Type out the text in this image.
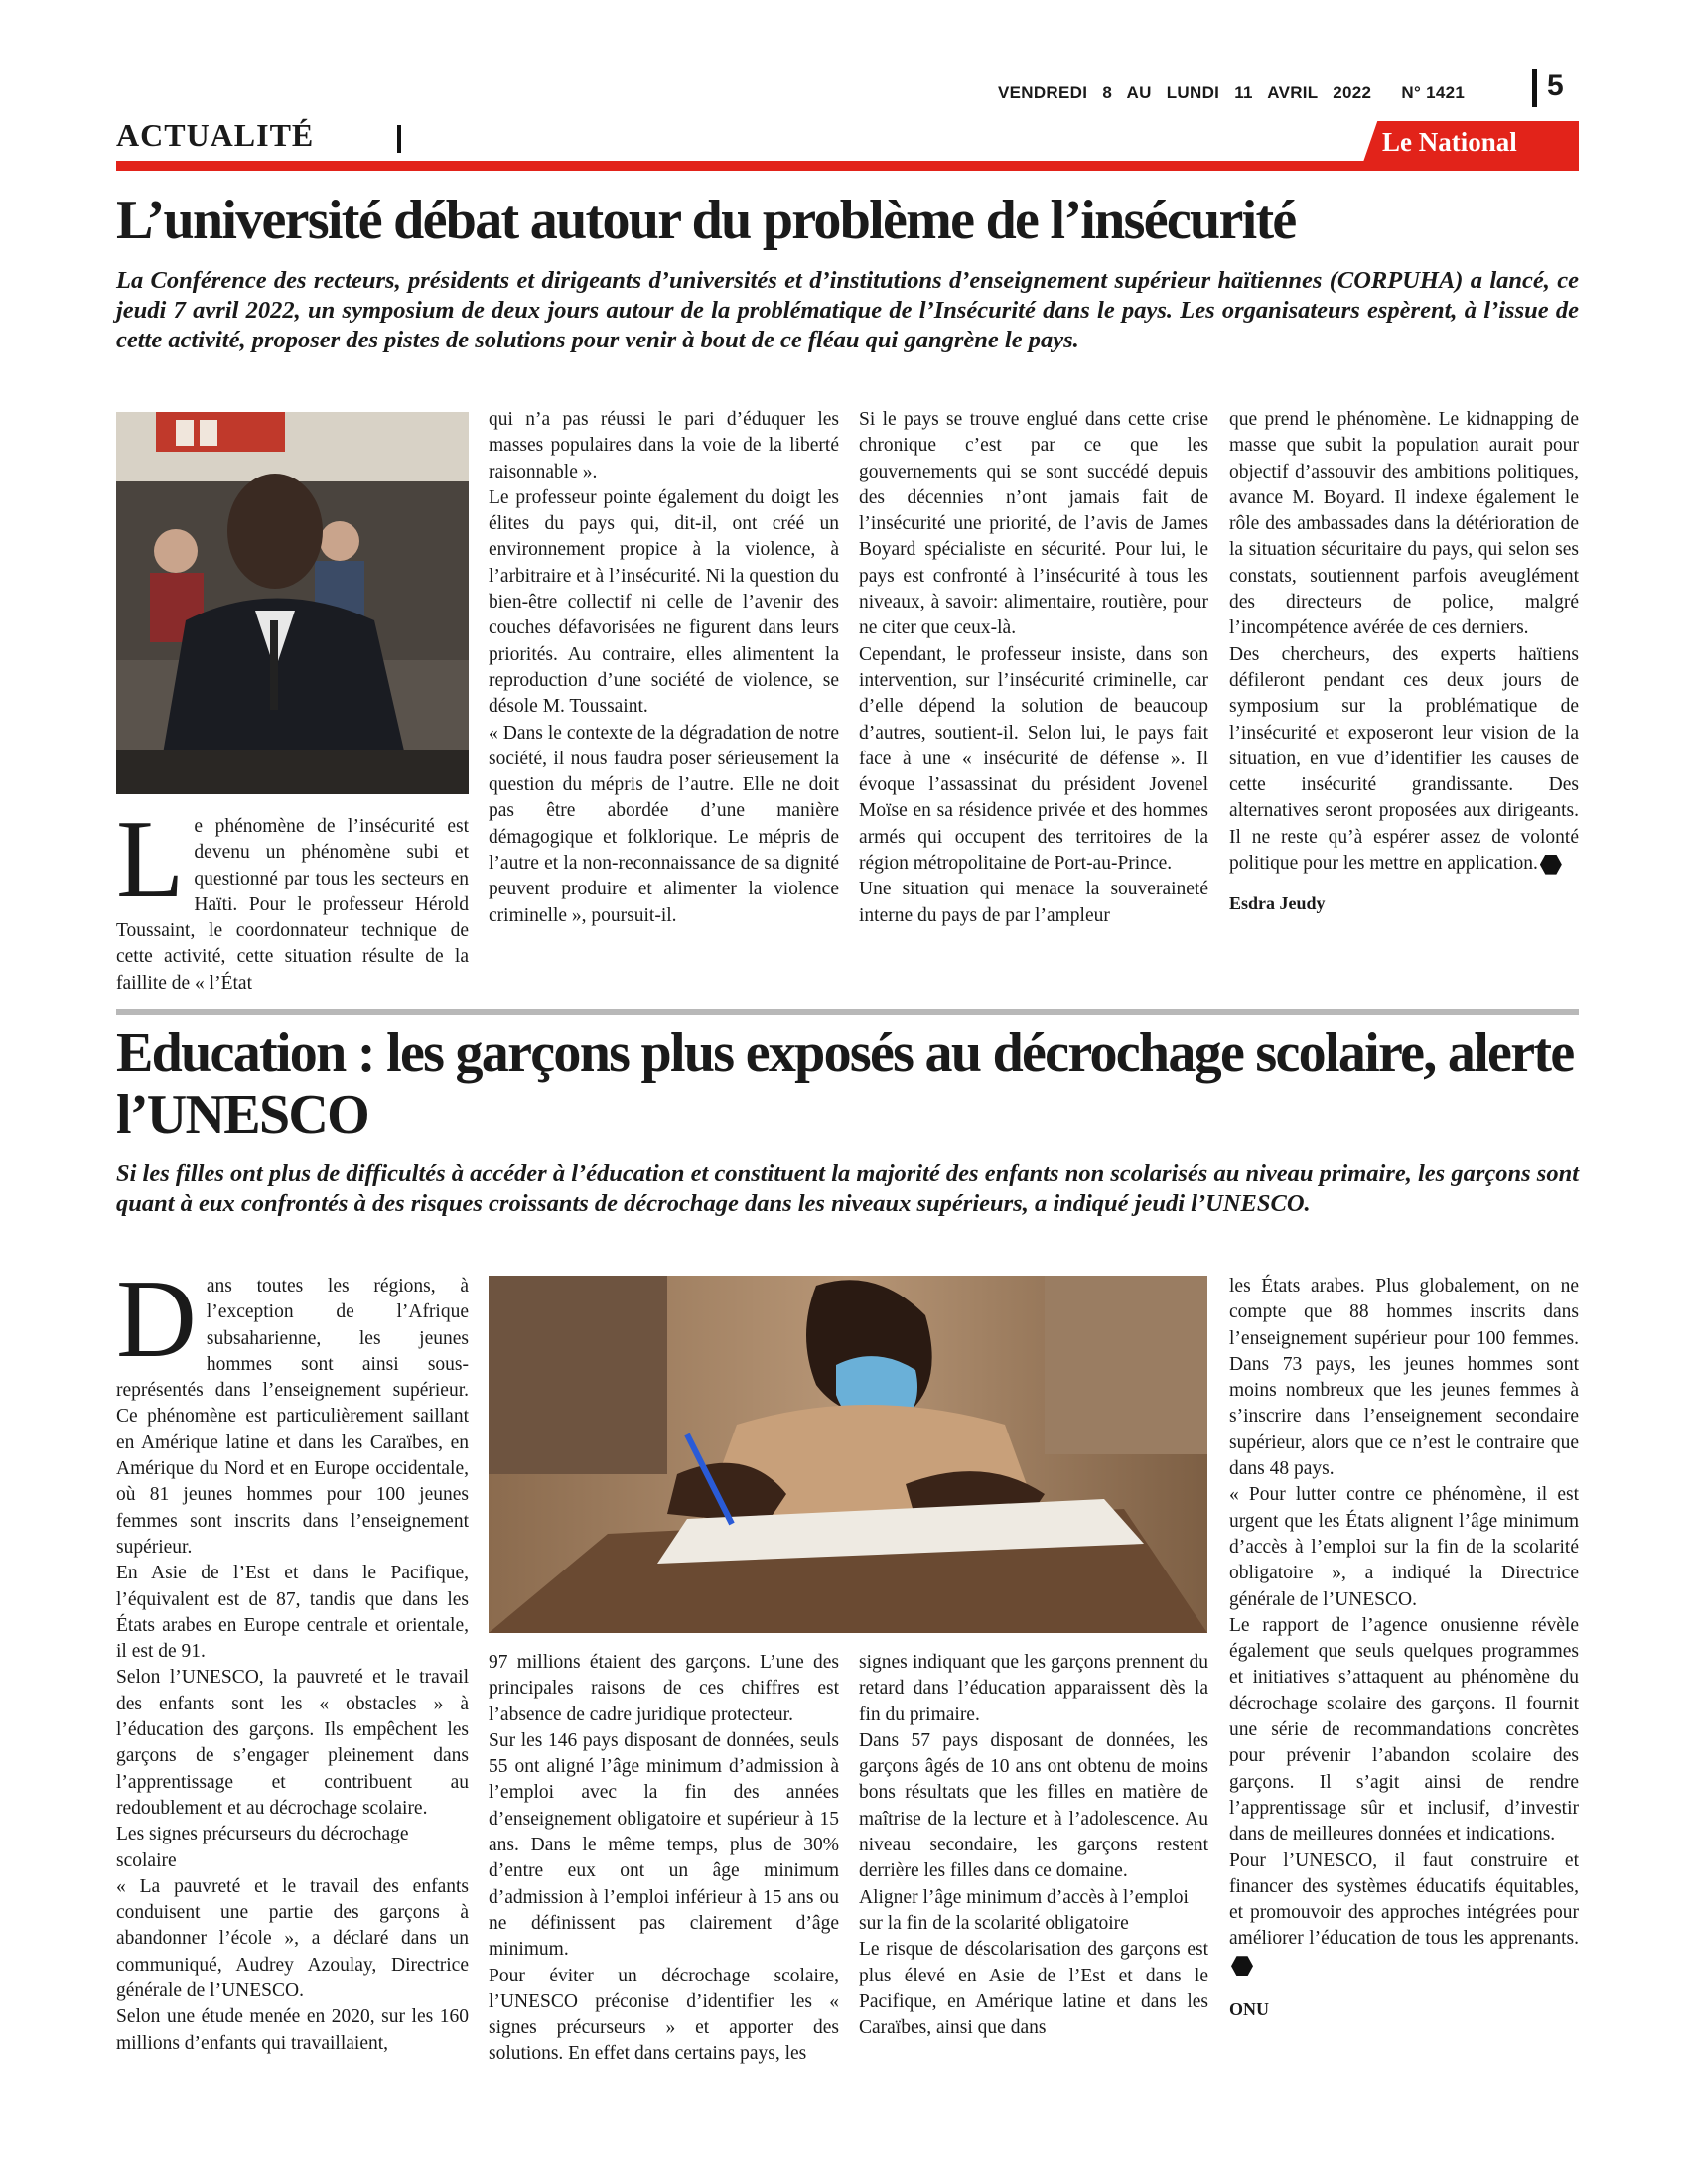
VENDREDI   8   AU   LUNDI   11   AVRIL   2022      N° 1421	5
ACTUALITÉ	Le National
L’université débat autour du problème de l’insécurité
La Conférence des recteurs, présidents et dirigeants d’universités et d’institutions d’enseignement supérieur haïtiennes (CORPUHA) a lancé, ce jeudi 7 avril 2022, un symposium de deux jours autour de la problématique de l’Insécurité dans le pays. Les organisateurs espèrent, à l’issue de cette activité, proposer des pistes de solutions pour venir à bout de ce fléau qui gangrène le pays.

Le phénomène de l’insécurité est devenu un phénomène subi et questionné par tous les secteurs en Haïti. Pour le professeur Hérold Toussaint, le coordonnateur technique de cette activité, cette situation résulte de la faillite de « l’État

qui n’a pas réussi le pari d’éduquer les masses populaires dans la voie de la liberté raisonnable ».

Le professeur pointe également du doigt les élites du pays qui, dit-il, ont créé un environnement propice à la violence, à l’arbitraire et à l’insécurité. Ni la question du bien-être collectif ni celle de l’avenir des couches défavorisées ne figurent dans leurs priorités. Au contraire, elles alimentent la reproduction d’une société de violence, se désole M. Toussaint.

« Dans le contexte de la dégradation de notre société, il nous faudra poser sérieusement la question du mépris de l’autre. Elle ne doit pas être abordée d’une manière démagogique et folklorique. Le mépris de l’autre et la non-reconnaissance de sa dignité peuvent produire et alimenter la violence criminelle », poursuit-il.

Si le pays se trouve englué dans cette crise chronique c’est par ce que les gouvernements qui se sont succédé depuis des décennies n’ont jamais fait de l’insécurité une priorité, de l’avis de James Boyard spécialiste en sécurité. Pour lui, le pays est confronté à l’insécurité à tous les niveaux, à savoir: alimentaire, routière, pour ne citer que ceux-là.

Cependant, le professeur insiste, dans son intervention, sur l’insécurité criminelle, car d’elle dépend la solution de beaucoup d’autres, soutient-il. Selon lui, le pays fait face à une « insécurité de défense ». Il évoque l’assassinat du président Jovenel Moïse en sa résidence privée et des hommes armés qui occupent des territoires de la région métropolitaine de Port-au-Prince.

Une situation qui menace la souveraineté interne du pays de par l’ampleur

que prend le phénomène. Le kidnapping de masse que subit la population aurait pour objectif d’assouvir des ambitions politiques, avance M. Boyard. Il indexe également le rôle des ambassades dans la détérioration de la situation sécuritaire du pays, qui selon ses constats, soutiennent parfois aveuglément des directeurs de police, malgré l’incompétence avérée de ces derniers.

Des chercheurs, des experts haïtiens défileront pendant ces deux jours de symposium sur la problématique de l’insécurité et exposeront leur vision de la situation, en vue d’identifier les causes de cette insécurité grandissante. Des alternatives seront proposées aux dirigeants. Il ne reste qu’à espérer assez de volonté politique pour les mettre en application.

Esdra Jeudy

Education : les garçons plus exposés au décrochage scolaire, alerte l’UNESCO
Si les filles ont plus de difficultés à accéder à l’éducation et constituent la majorité des enfants non scolarisés au niveau primaire, les garçons sont quant à eux confrontés à des risques croissants de décrochage dans les niveaux supérieurs, a indiqué jeudi l’UNESCO.

Dans toutes les régions, à l’exception de l’Afrique subsaharienne, les jeunes hommes sont ainsi sous-représentés dans l’enseignement supérieur. Ce phénomène est particulièrement saillant en Amérique latine et dans les Caraïbes, en Amérique du Nord et en Europe occidentale, où 81 jeunes hommes pour 100 jeunes femmes sont inscrits dans l’enseignement supérieur.

En Asie de l’Est et dans le Pacifique, l’équivalent est de 87, tandis que dans les États arabes en Europe centrale et orientale, il est de 91.

Selon l’UNESCO, la pauvreté et le travail des enfants sont les « obstacles » à l’éducation des garçons. Ils empêchent les garçons de s’engager pleinement dans l’apprentissage et contribuent au redoublement et au décrochage scolaire.

Les signes précurseurs du décrochage scolaire

« La pauvreté et le travail des enfants conduisent une partie des garçons à abandonner l’école », a déclaré dans un communiqué, Audrey Azoulay, Directrice générale de l’UNESCO.

Selon une étude menée en 2020, sur les 160 millions d’enfants qui travaillaient,

97 millions étaient des garçons. L’une des principales raisons de ces chiffres est l’absence de cadre juridique protecteur.

Sur les 146 pays disposant de données, seuls 55 ont aligné l’âge minimum d’admission à l’emploi avec la fin des années d’enseignement obligatoire et supérieur à 15 ans. Dans le même temps, plus de 30% d’entre eux ont un âge minimum d’admission à l’emploi inférieur à 15 ans ou ne définissent pas clairement d’âge minimum.

Pour éviter un décrochage scolaire, l’UNESCO préconise d’identifier les « signes précurseurs » et apporter des solutions. En effet dans certains pays, les

signes indiquant que les garçons prennent du retard dans l’éducation apparaissent dès la fin du primaire.

Dans 57 pays disposant de données, les garçons âgés de 10 ans ont obtenu de moins bons résultats que les filles en matière de maîtrise de la lecture et à l’adolescence. Au niveau secondaire, les garçons restent derrière les filles dans ce domaine.

Aligner l’âge minimum d’accès à l’emploi sur la fin de la scolarité obligatoire

Le risque de déscolarisation des garçons est plus élevé en Asie de l’Est et dans le Pacifique, en Amérique latine et dans les Caraïbes, ainsi que dans

les États arabes. Plus globalement, on ne compte que 88 hommes inscrits dans l’enseignement supérieur pour 100 femmes. Dans 73 pays, les jeunes hommes sont moins nombreux que les jeunes femmes à s’inscrire dans l’enseignement secondaire supérieur, alors que ce n’est le contraire que dans 48 pays.

« Pour lutter contre ce phénomène, il est urgent que les États alignent l’âge minimum d’accès à l’emploi sur la fin de la scolarité obligatoire », a indiqué la Directrice générale de l’UNESCO.

Le rapport de l’agence onusienne révèle également que seuls quelques programmes et initiatives s’attaquent au phénomène du décrochage scolaire des garçons. Il fournit une série de recommandations concrètes pour prévenir l’abandon scolaire des garçons. Il s’agit ainsi de rendre l’apprentissage sûr et inclusif, d’investir dans de meilleures données et indications.

Pour l’UNESCO, il faut construire et financer des systèmes éducatifs équitables, et promouvoir des approches intégrées pour améliorer l’éducation de tous les apprenants.

ONU
